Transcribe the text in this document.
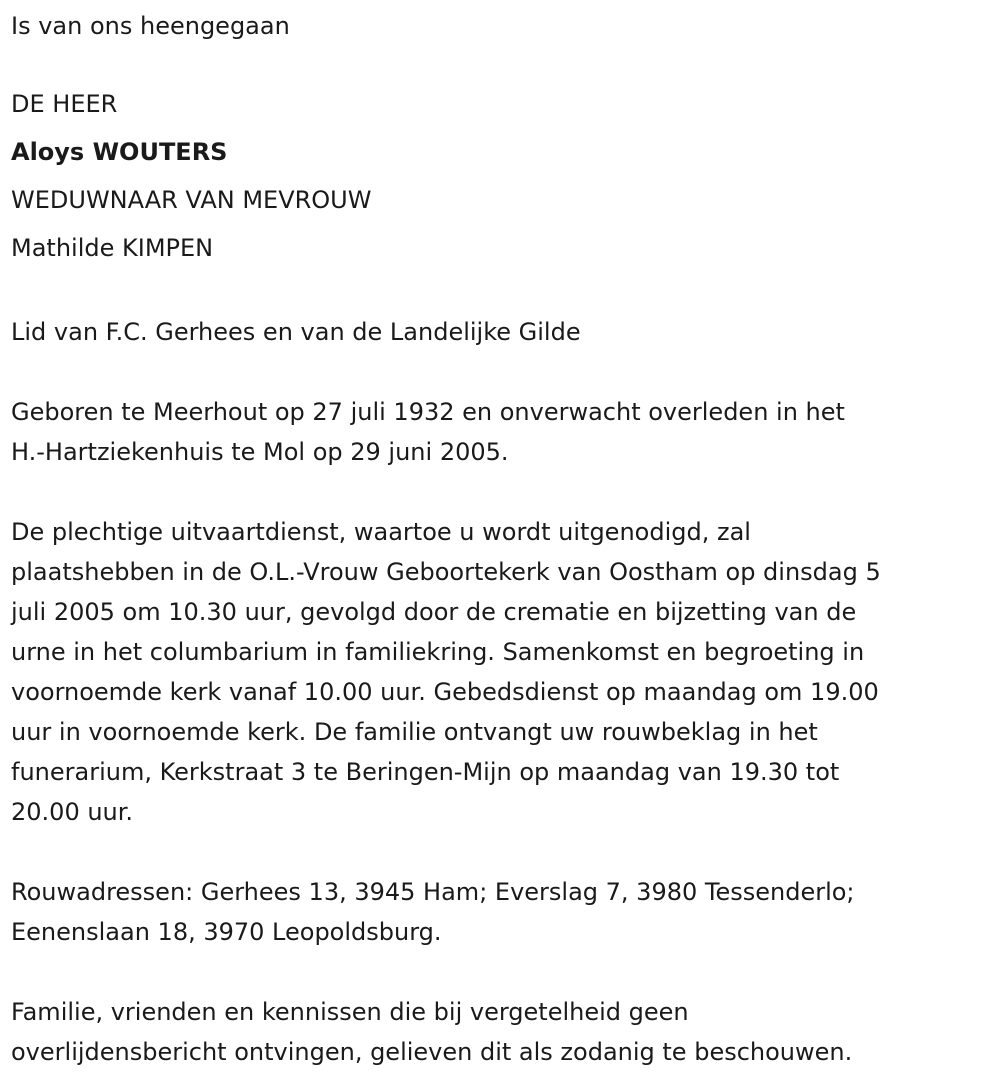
Is van ons heengegaan

DE HEER

Aloys WOUTERS

WEDUWNAAR VAN MEVROUW

Mathilde KIMPEN

Lid van F.C. Gerhees en van de Landelijke Gilde

Geboren te Meerhout op 27 juli 1932 en onverwacht overleden in het

H.-Hartziekenhuis te Mol op 29 juni 2005.

De plechtige uitvaartdienst, waartoe u wordt uitgenodigd, zal

plaatshebben in de O.L.-Vrouw Geboortekerk van Oostham op dinsdag 5

juli 2005 om 10.30 uur, gevolgd door de crematie en bijzetting van de

urne in het columbarium in familiekring. Samenkomst en begroeting in

voornoemde kerk vanaf 10.00 uur. Gebedsdienst op maandag om 19.00

uur in voornoemde kerk. De familie ontvangt uw rouwbeklag in het

funerarium, Kerkstraat 3 te Beringen-Mijn op maandag van 19.30 tot

20.00 uur.

Rouwadressen: Gerhees 13, 3945 Ham; Everslag 7, 3980 Tessenderlo;

Eenenslaan 18, 3970 Leopoldsburg.

Familie, vrienden en kennissen die bij vergetelheid geen

overlijdensbericht ontvingen, gelieven dit als zodanig te beschouwen.
